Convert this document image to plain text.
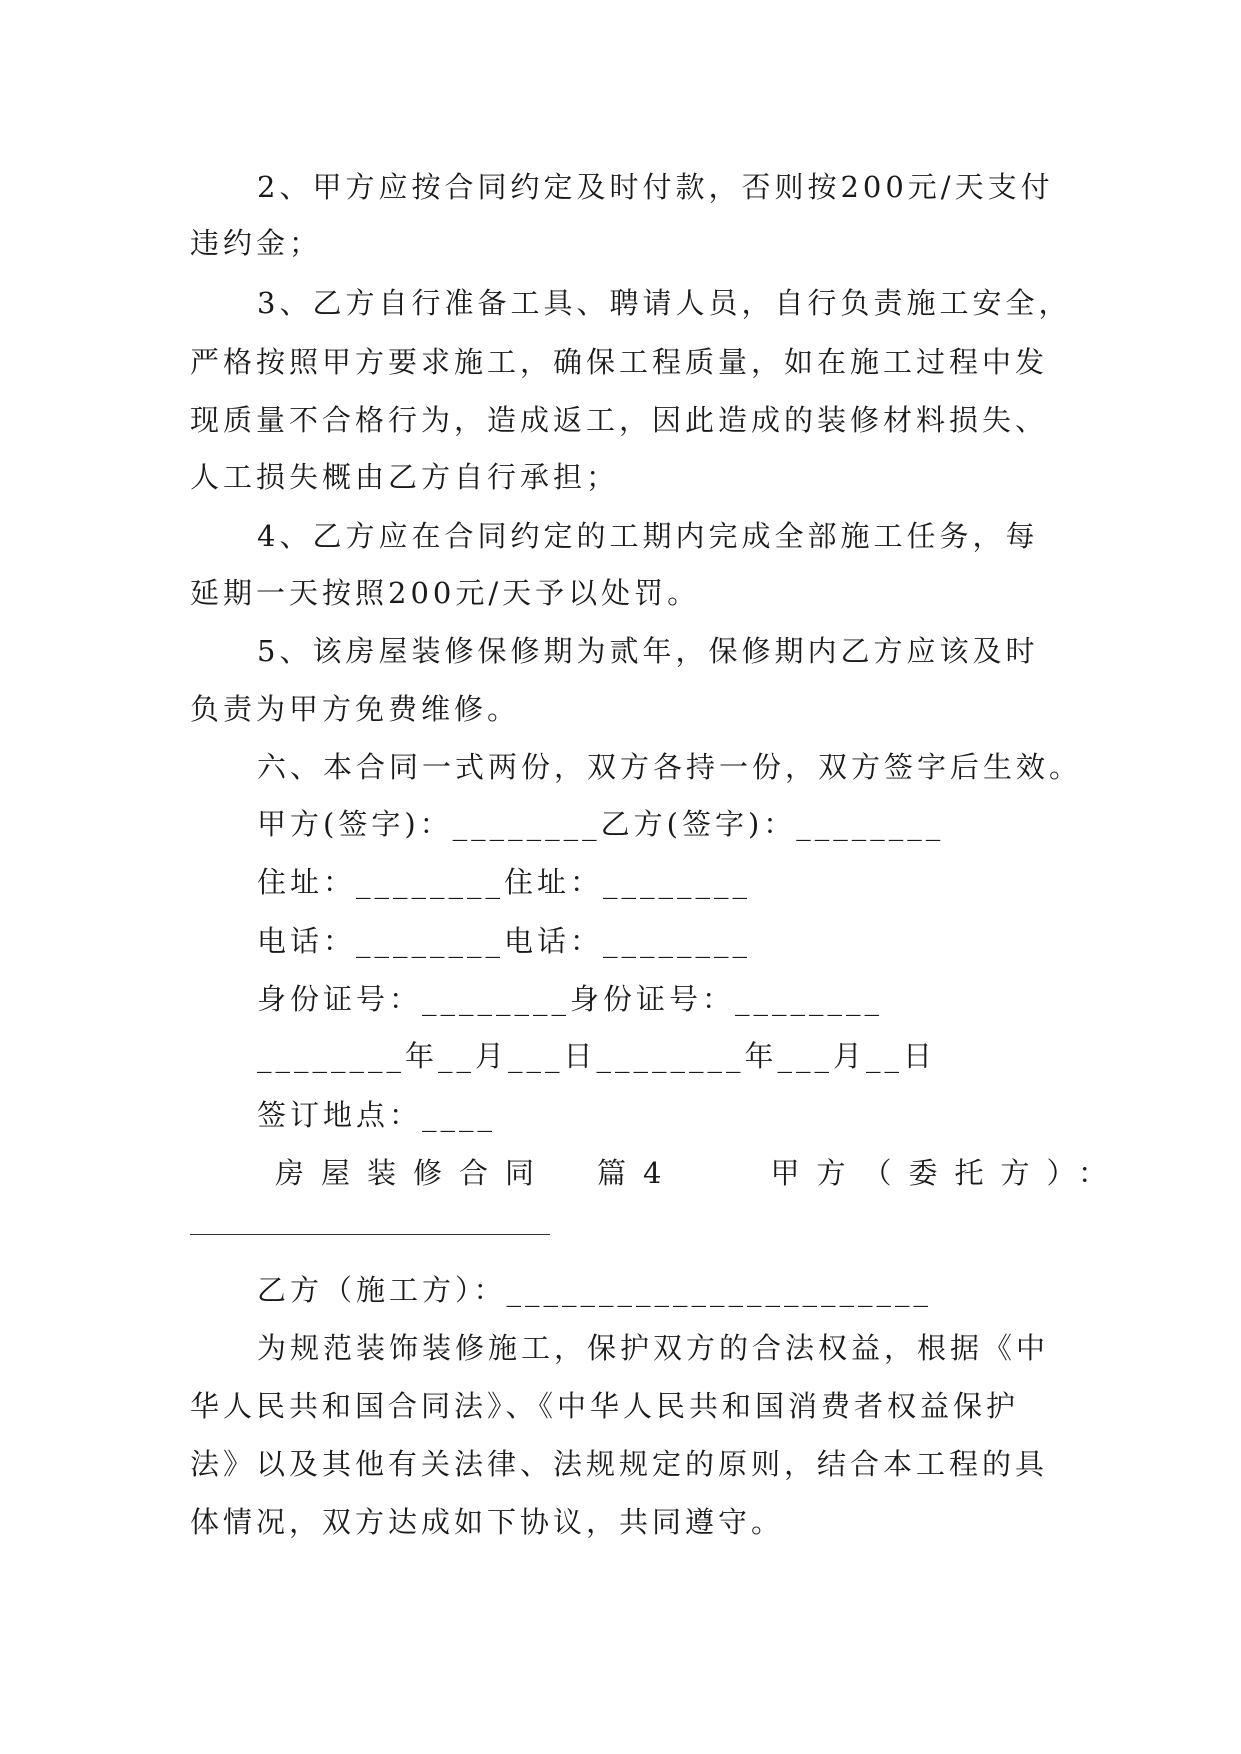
2、甲方应按合同约定及时付款，否则按200元/天支付
违约金；
3、乙方自行准备工具、聘请人员，自行负责施工安全，
严格按照甲方要求施工，确保工程质量，如在施工过程中发
现质量不合格行为，造成返工，因此造成的装修材料损失、
人工损失概由乙方自行承担；
4、乙方应在合同约定的工期内完成全部施工任务，每
延期一天按照200元/天予以处罚。
5、该房屋装修保修期为贰年，保修期内乙方应该及时
负责为甲方免费维修。
六、本合同一式两份，双方各持一份，双方签字后生效。
甲方(签字)：________乙方(签字)：________
住址：________住址：________
电话：________电话：________
身份证号：________身份证号：________
________年__月___日________年___月__日
签订地点：____
房屋装修合同　篇4　　甲方（委托方）：
乙方（施工方）：_______________________
为规范装饰装修施工，保护双方的合法权益，根据《中
华人民共和国合同法》、《中华人民共和国消费者权益保护
法》以及其他有关法律、法规规定的原则，结合本工程的具
体情况，双方达成如下协议，共同遵守。
